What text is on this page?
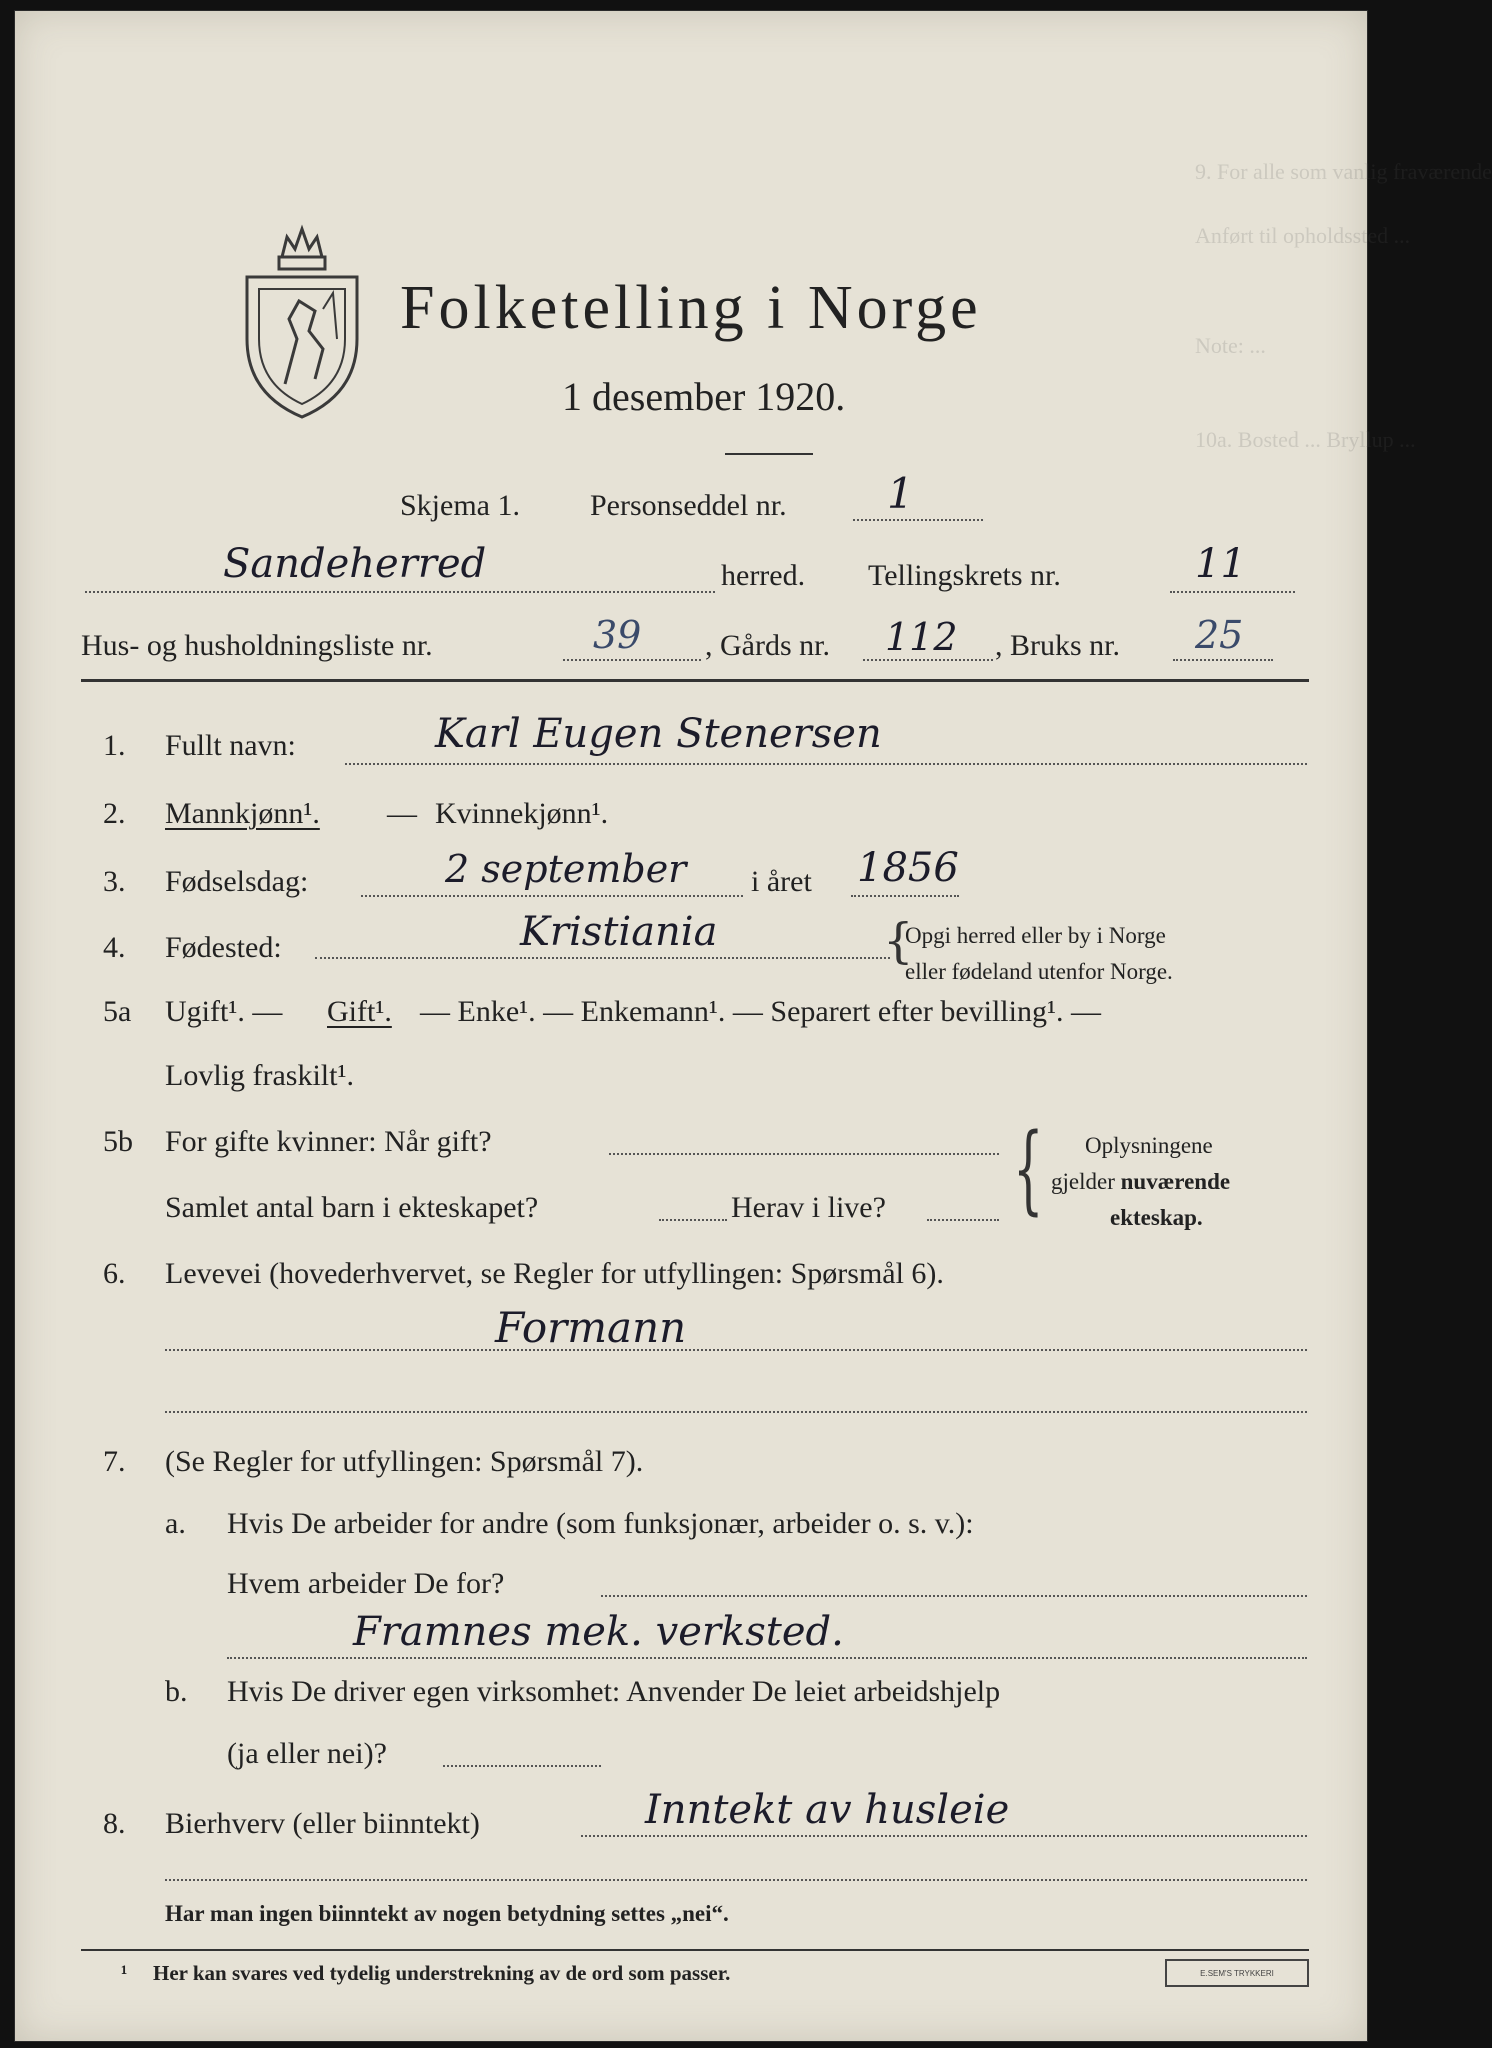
9. For alle som vanlig fraværende
Anført til opholdssted ...
Note: ...
10a. Bosted ... Bryllup ...
Folketelling i Norge
1 desember 1920.
Skjema 1. Personseddel nr. 1
Sandeherred	herred. Tellingskrets nr.	11
Hus- og husholdningsliste nr.	39 , Gårds nr. 112 , Bruks nr. 25
1. Fullt navn:	Karl Eugen Stenersen
2. Mannkjønn¹. — Kvinnekjønn¹.
3. Fødselsdag:	2 september i året 1856
4. Fødested:	Kristiania	{
Opgi herred eller by i Norge
eller fødeland utenfor Norge.
5a Ugift¹. — Gift¹. — Enke¹. — Enkemann¹. — Separert efter bevilling¹. —
Lovlig fraskilt¹.
5b For gifte kvinner: Når gift?
Samlet antal barn i ekteskapet?	Herav i live? { Oplysningene
gjelder nuværende
ekteskap.
6. Levevei (hovederhvervet, se Regler for utfyllingen: Spørsmål 6).
Formann
7. (Se Regler for utfyllingen: Spørsmål 7).
a. Hvis De arbeider for andre (som funksjonær, arbeider o. s. v.):
Hvem arbeider De for?
Framnes mek. verksted.
b. Hvis De driver egen virksomhet: Anvender De leiet arbeidshjelp
(ja eller nei)?
8. Bierhverv (eller biinntekt)	Inntekt av husleie
Har man ingen biinntekt av nogen betydning settes „nei“.
¹ Her kan svares ved tydelig understrekning av de ord som passer.	E.SEM'S TRYKKERI
